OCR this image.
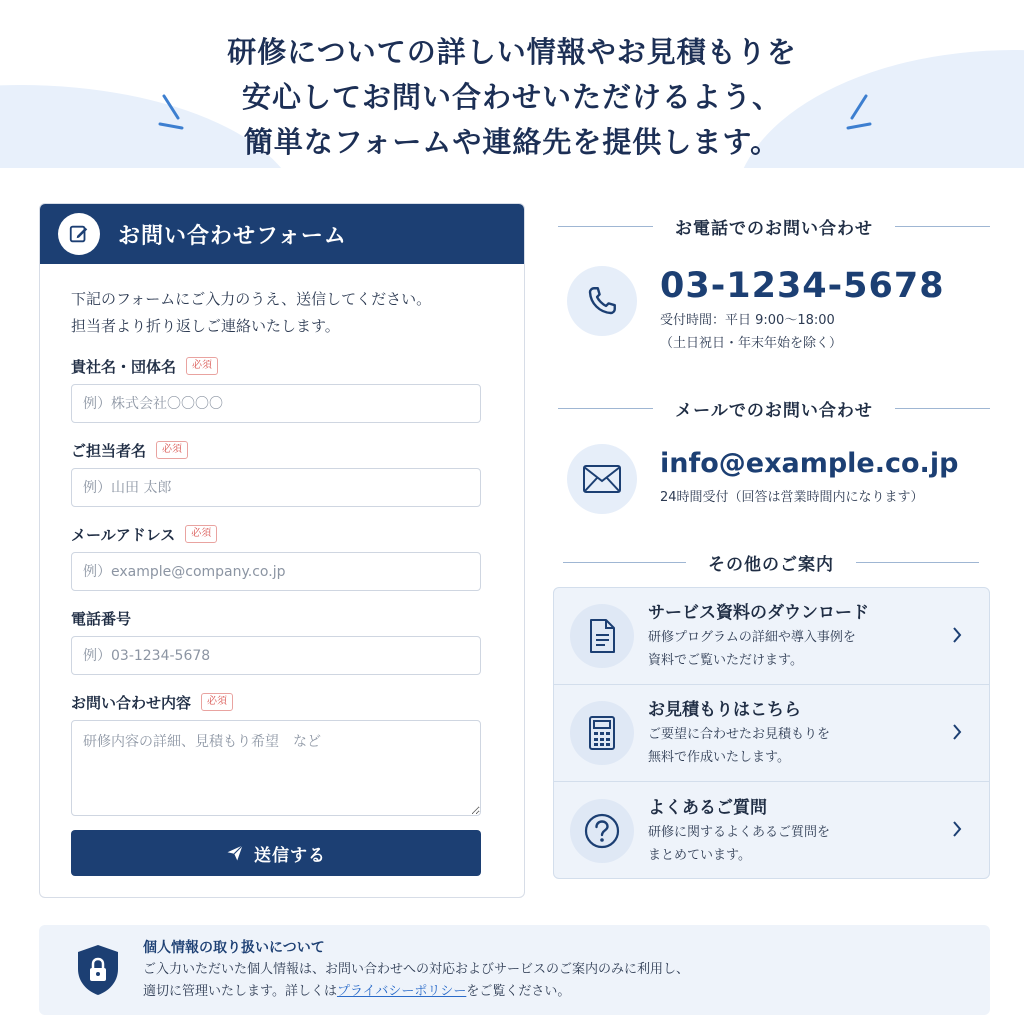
研修についての詳しい情報やお見積もりを
安心してお問い合わせいただけるよう、
簡単なフォームや連絡先を提供します。
お問い合わせフォーム
下記のフォームにご入力のうえ、送信してください。
担当者より折り返しご連絡いたします。
貴社名・団体名	必須
例）株式会社〇〇〇〇
ご担当者名	必須
例）山田 太郎
メールアドレス	必須
例）example@company.co.jp
電話番号
例）03-1234-5678
お問い合わせ内容	必須
研修内容の詳細、見積もり希望　など
送信する
お電話でのお問い合わせ
03-1234-5678
受付時間：平日 9:00〜18:00
（土日祝日・年末年始を除く）
メールでのお問い合わせ
info@example.co.jp
24時間受付（回答は営業時間内になります）
その他のご案内
サービス資料のダウンロード
研修プログラムの詳細や導入事例を
資料でご覧いただけます。
お見積もりはこちら
ご要望に合わせたお見積もりを
無料で作成いたします。
よくあるご質問
研修に関するよくあるご質問を
まとめています。
個人情報の取り扱いについて
ご入力いただいた個人情報は、お問い合わせへの対応およびサービスのご案内のみに利用し、
適切に管理いたします。詳しくはプライバシーポリシーをご覧ください。
